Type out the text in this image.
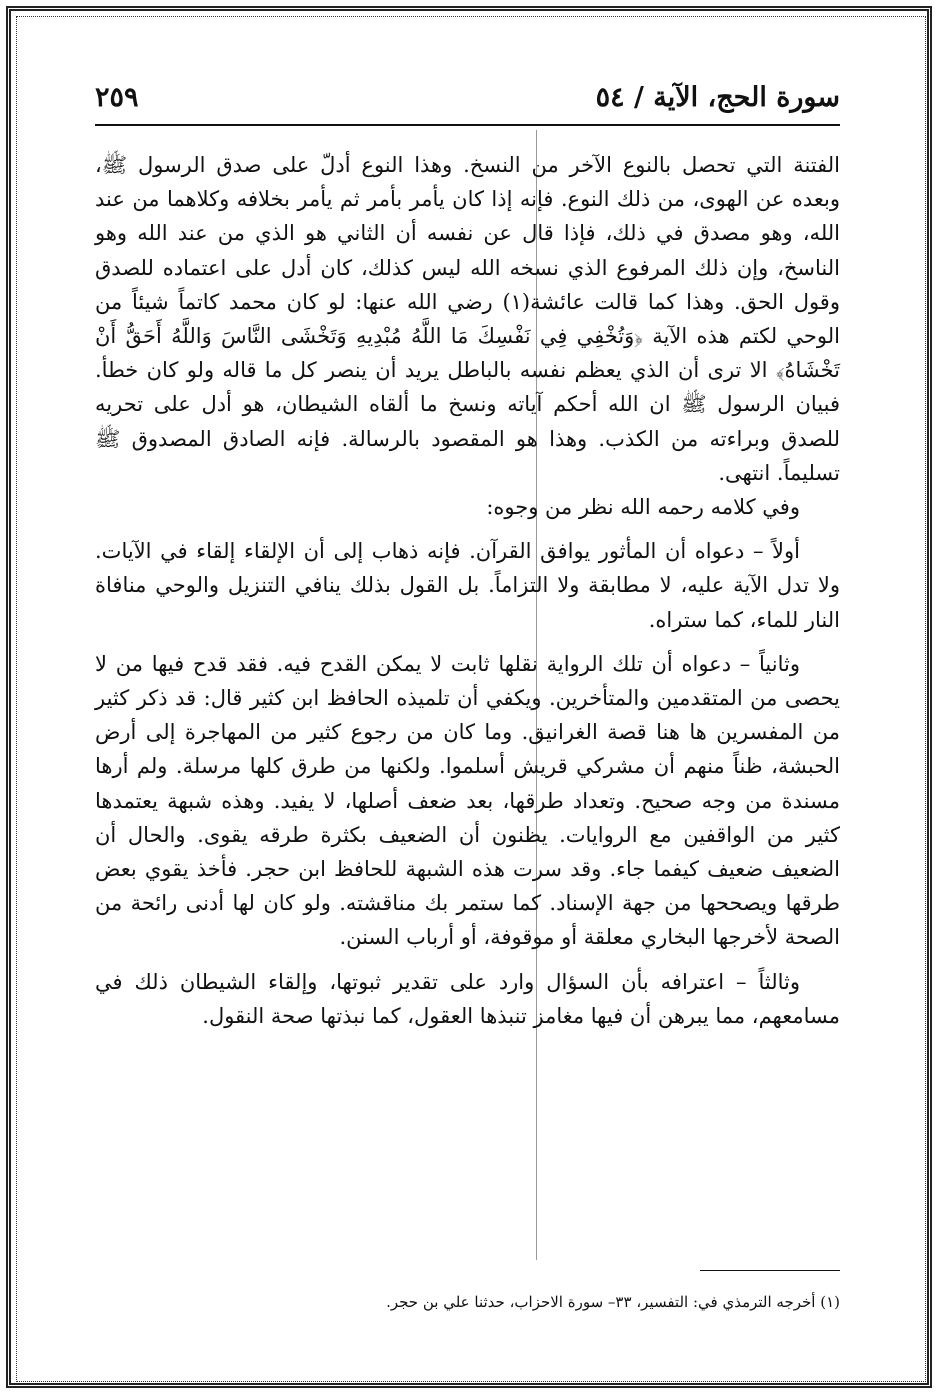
سورة الحج، الآية / ٥٤
٢٥٩

الفتنة التي تحصل بالنوع الآخر من النسخ. وهذا النوع أدلّ على صدق الرسول ﷺ، وبعده عن الهوى، من ذلك النوع. فإنه إذا كان يأمر بأمر ثم يأمر بخلافه وكلاهما من عند الله، وهو مصدق في ذلك، فإذا قال عن نفسه أن الثاني هو الذي من عند الله وهو الناسخ، وإن ذلك المرفوع الذي نسخه الله ليس كذلك، كان أدل على اعتماده للصدق وقول الحق. وهذا كما قالت عائشة(١) رضي الله عنها: لو كان محمد كاتماً شيئاً من الوحي لكتم هذه الآية ﴿وَتُخْفِي فِي نَفْسِكَ مَا اللَّهُ مُبْدِيهِ وَتَخْشَى النَّاسَ وَاللَّهُ أَحَقُّ أَنْ تَخْشَاهُ﴾ الا ترى أن الذي يعظم نفسه بالباطل يريد أن ينصر كل ما قاله ولو كان خطأ. فبيان الرسول ﷺ ان الله أحكم آياته ونسخ ما ألقاه الشيطان، هو أدل على تحريه للصدق وبراءته من الكذب. وهذا هو المقصود بالرسالة. فإنه الصادق المصدوق ﷺ تسليماً. انتهى.

وفي كلامه رحمه الله نظر من وجوه:

أولاً – دعواه أن المأثور يوافق القرآن. فإنه ذهاب إلى أن الإلقاء إلقاء في الآيات. ولا تدل الآية عليه، لا مطابقة ولا التزاماً. بل القول بذلك ينافي التنزيل والوحي منافاة النار للماء، كما ستراه.

وثانياً – دعواه أن تلك الرواية نقلها ثابت لا يمكن القدح فيه. فقد قدح فيها من لا يحصى من المتقدمين والمتأخرين. ويكفي أن تلميذه الحافظ ابن كثير قال: قد ذكر كثير من المفسرين ها هنا قصة الغرانيق. وما كان من رجوع كثير من المهاجرة إلى أرض الحبشة، ظناً منهم أن مشركي قريش أسلموا. ولكنها من طرق كلها مرسلة. ولم أرها مسندة من وجه صحيح. وتعداد طرقها، بعد ضعف أصلها، لا يفيد. وهذه شبهة يعتمدها كثير من الواقفين مع الروايات. يظنون أن الضعيف بكثرة طرقه يقوى. والحال أن الضعيف ضعيف كيفما جاء. وقد سرت هذه الشبهة للحافظ ابن حجر. فأخذ يقوي بعض طرقها ويصححها من جهة الإسناد. كما ستمر بك مناقشته. ولو كان لها أدنى رائحة من الصحة لأخرجها البخاري معلقة أو موقوفة، أو أرباب السنن.

وثالثاً – اعترافه بأن السؤال وارد على تقدير ثبوتها، وإلقاء الشيطان ذلك في مسامعهم، مما يبرهن أن فيها مغامز تنبذها العقول، كما نبذتها صحة النقول.

(١) أخرجه الترمذي في: التفسير، ٣٣– سورة الاحزاب، حدثنا علي بن حجر.
